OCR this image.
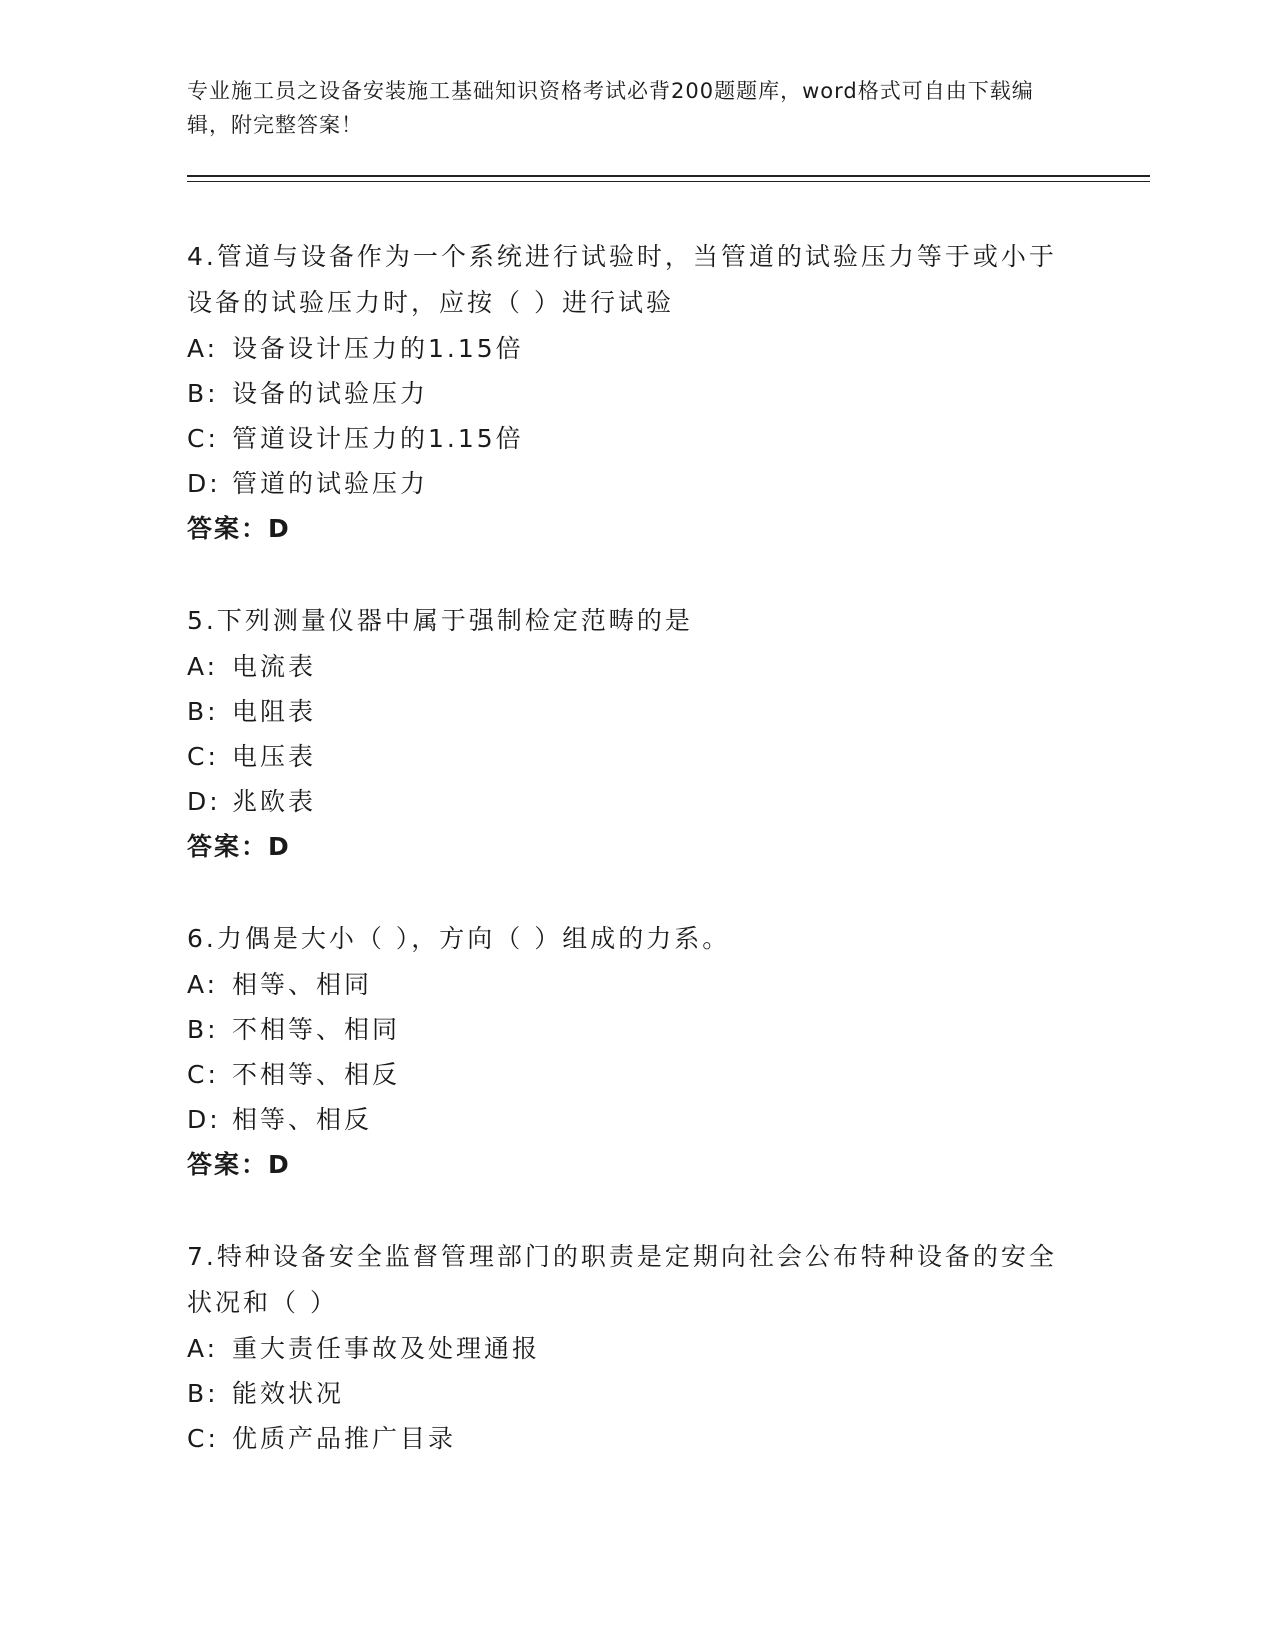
专业施工员之设备安装施工基础知识资格考试必背200题题库，word格式可自由下载编辑，附完整答案！

4.管道与设备作为一个系统进行试验时，当管道的试验压力等于或小于设备的试验压力时，应按（ ）进行试验

A: 设备设计压力的1.15倍

B: 设备的试验压力

C: 管道设计压力的1.15倍

D: 管道的试验压力

答案：D

5.下列测量仪器中属于强制检定范畴的是

A: 电流表

B: 电阻表

C: 电压表

D: 兆欧表

答案：D

6.力偶是大小（ ），方向（ ）组成的力系。

A: 相等、相同

B: 不相等、相同

C: 不相等、相反

D: 相等、相反

答案：D

7.特种设备安全监督管理部门的职责是定期向社会公布特种设备的安全状况和（ ）

A: 重大责任事故及处理通报

B: 能效状况

C: 优质产品推广目录
